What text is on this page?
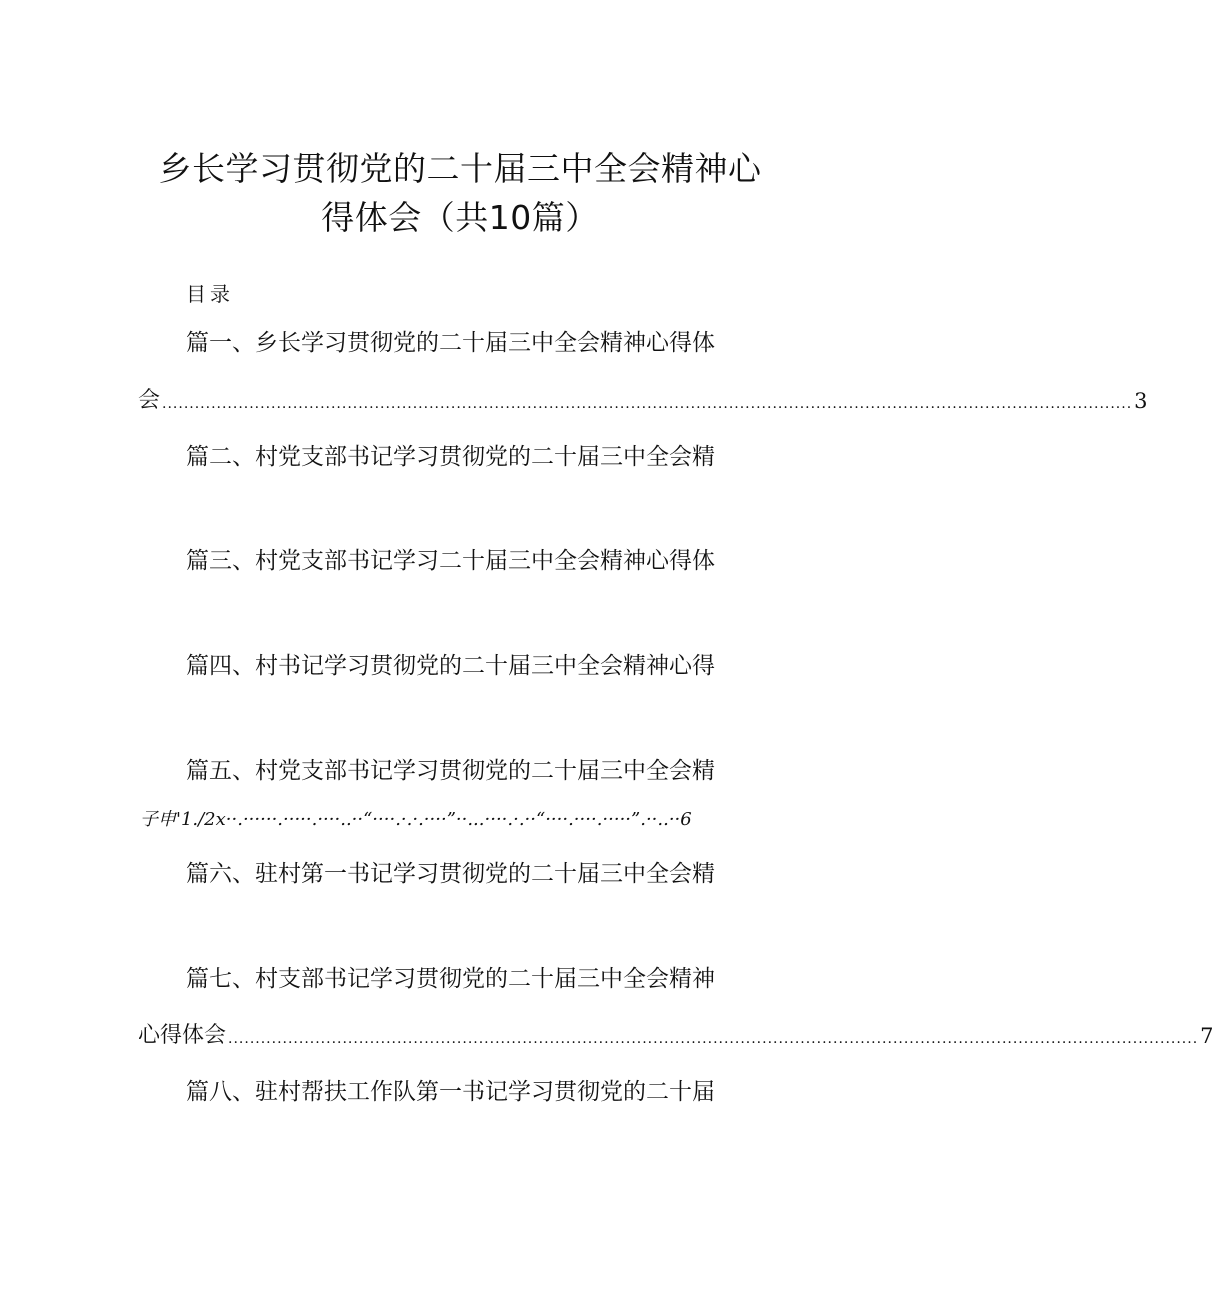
乡长学习贯彻党的二十届三中全会精神心
得体会（共10篇）
目录
篇一、乡长学习贯彻党的二十届三中全会精神心得体
会 .................................................................................................................................................................................. 3
篇二、村党支部书记学习贯彻党的二十届三中全会精
篇三、村党支部书记学习二十届三中全会精神心得体
篇四、村书记学习贯彻党的二十届三中全会精神心得
篇五、村党支部书记学习贯彻党的二十届三中全会精
子申'1./2x··.······.·····.····..··“····.·.·.····”··...····.·.··“····.····.·····”.··..··6
篇六、驻村第一书记学习贯彻党的二十届三中全会精
篇七、村支部书记学习贯彻党的二十届三中全会精神
心得体会 .................................................................................................................................................................................. 7
篇八、驻村帮扶工作队第一书记学习贯彻党的二十届
